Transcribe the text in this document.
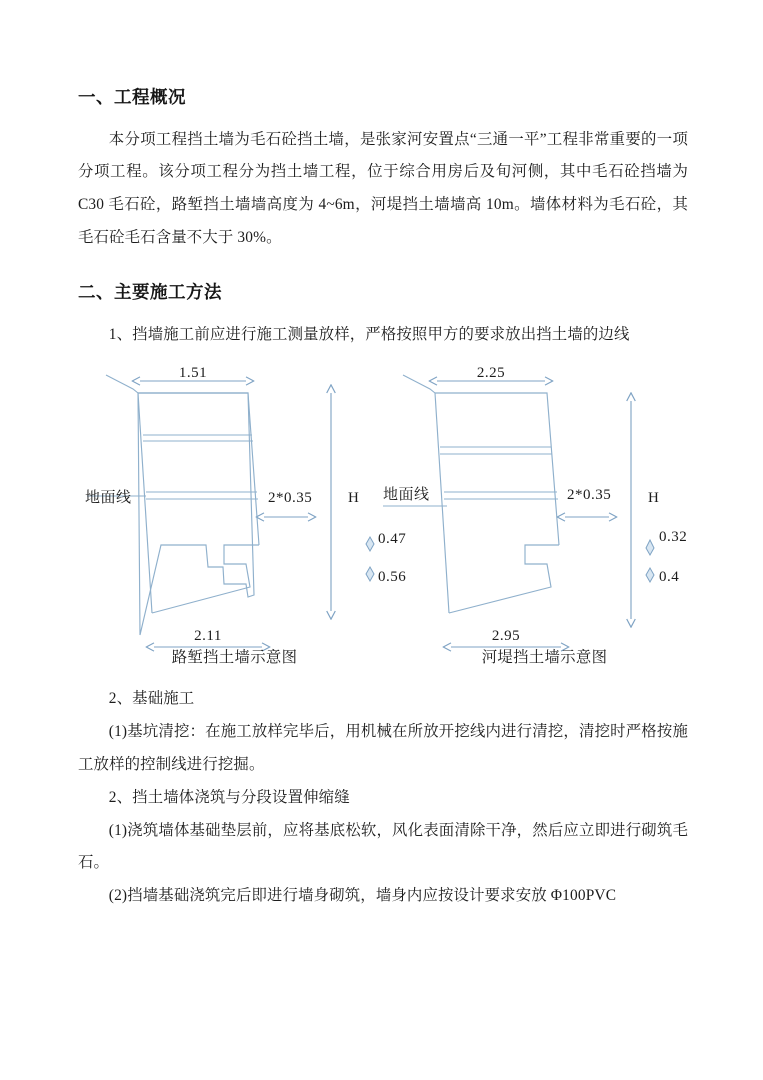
一、工程概况

本分项工程挡土墙为毛石砼挡土墙，是张家河安置点“三通一平”工程非常重要的一项分项工程。该分项工程分为挡土墙工程，位于综合用房后及旬河侧，其中毛石砼挡墙为 C30 毛石砼，路堑挡土墙墙高度为 4~6m，河堤挡土墙墙高 10m。墙体材料为毛石砼，其毛石砼毛石含量不大于 30%。

二、主要施工方法

1、挡墙施工前应进行施工测量放样，严格按照甲方的要求放出挡土墙的边线

1.51
2.11
地面线	2*0.35 H
0.47
0.56
2.25
2.95
地面线	2*0.35 H
0.32
0.4
路堑挡土墙示意图	河堤挡土墙示意图

2、基础施工

(1)基坑清挖：在施工放样完毕后，用机械在所放开挖线内进行清挖，清挖时严格按施工放样的控制线进行挖掘。

2、挡土墙体浇筑与分段设置伸缩缝

(1)浇筑墙体基础垫层前，应将基底松软，风化表面清除干净，然后应立即进行砌筑毛石。

(2)挡墙基础浇筑完后即进行墙身砌筑，墙身内应按设计要求安放 Φ100PVC
